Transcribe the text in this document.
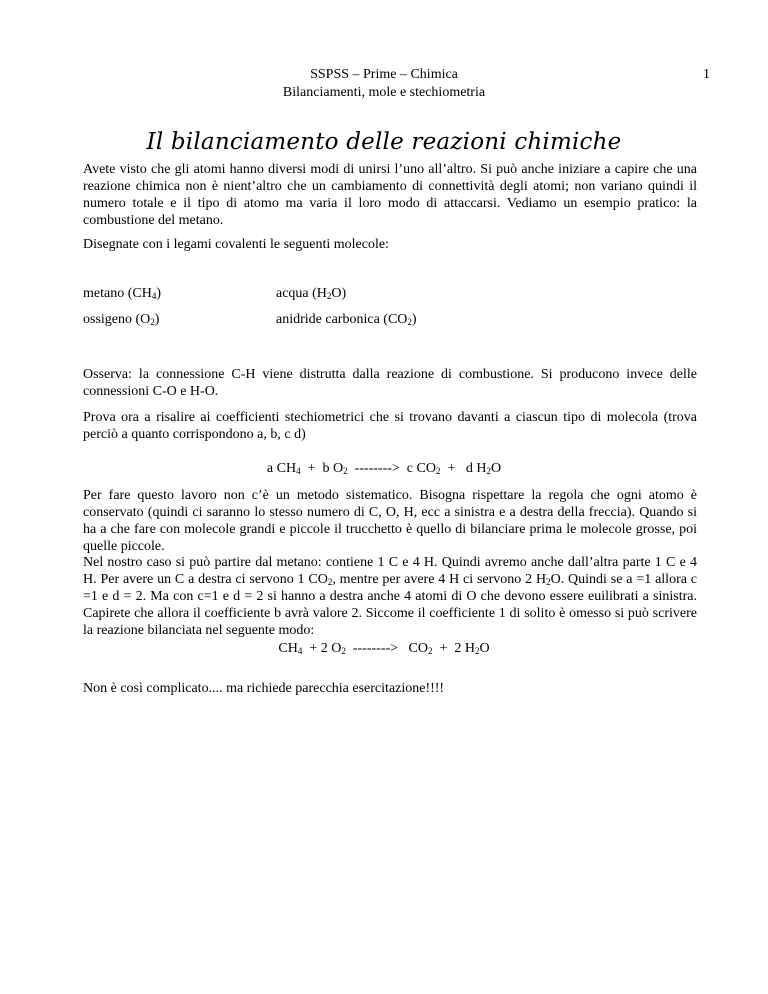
SSPSS – Prime – Chimica
Bilanciamenti, mole e stechiometria
1
Il bilanciamento delle reazioni chimiche

Avete visto che gli atomi hanno diversi modi di unirsi l’uno all’altro. Si può anche iniziare a capire che una reazione chimica non è nient’altro che un cambiamento di connettività degli atomi; non variano quindi il numero totale e il tipo di atomo ma varia il loro modo di attaccarsi. Vediamo un esempio pratico: la combustione del metano.

Disegnate con i legami covalenti le seguenti molecole:

metano $(CH_4)$	acqua $(H_2O)$
ossigeno $(O_2)$	anidride carbonica $(CO_2)$

Osserva: la connessione C-H viene distrutta dalla reazione di combustione. Si producono invece delle connessioni C-O e H-O.

Prova ora a risalire ai coefficienti stechiometrici che si trovano davanti a ciascun tipo di molecola (trova perciò a quanto corrispondono a, b, c d)

a $CH_4 + b$ $O_2$  -------->  c $CO_2 + d$ $H_2O$

Per fare questo lavoro non c’è un metodo sistematico. Bisogna rispettare la regola che ogni atomo è conservato (quindi ci saranno lo stesso numero di C, O, H, ecc a sinistra e a destra della freccia). Quando si ha a che fare con molecole grandi e piccole il trucchetto è quello di bilanciare prima le molecole grosse, poi quelle piccole.

Nel nostro caso si può partire dal metano: contiene 1 C e 4 H. Quindi avremo anche dall’altra parte 1 C e 4 H. Per avere un C a destra ci servono 1 $CO_2$, mentre per avere 4 H ci servono 2 $H_2O$. Quindi se a =1 allora c =1 e d = 2. Ma con c=1 e d = 2 si hanno a destra anche 4 atomi di O che devono essere euilibrati a sinistra. Capirete che allora il coefficiente b avrà valore 2. Siccome il coefficiente 1 di solito è omesso si può scrivere la reazione bilanciata nel seguente modo:

$CH_4 + 2$ $O_2$  -------->   $CO_2 + 2$ $H_2O$

Non è così complicato.... ma richiede parecchia esercitazione!!!!
